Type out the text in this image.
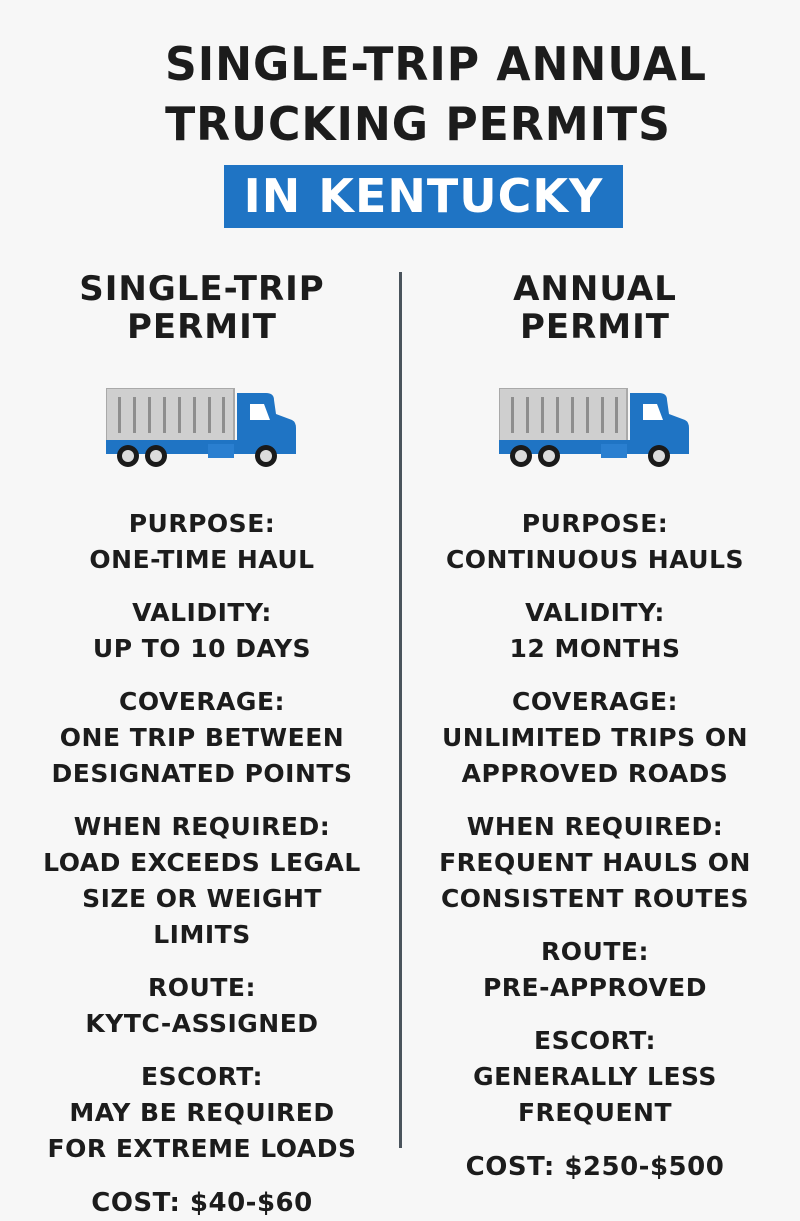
SINGLE-TRIP ANNUAL
TRUCKING PERMITS
IN KENTUCKY
SINGLE-TRIP
PERMIT
PURPOSE:
ONE-TIME HAUL
VALIDITY:
UP TO 10 DAYS
COVERAGE:
ONE TRIP BETWEEN
DESIGNATED POINTS
WHEN REQUIRED:
LOAD EXCEEDS LEGAL
SIZE OR WEIGHT LIMITS
ROUTE:
KYTC-ASSIGNED
ESCORT:
MAY BE REQUIRED
FOR EXTREME LOADS
COST: $40-$60
ANNUAL
PERMIT
PURPOSE:
CONTINUOUS HAULS
VALIDITY:
12 MONTHS
COVERAGE:
UNLIMITED TRIPS ON
APPROVED ROADS
WHEN REQUIRED:
FREQUENT HAULS ON
CONSISTENT ROUTES
ROUTE:
PRE-APPROVED
ESCORT:
GENERALLY LESS
FREQUENT
COST: $250-$500
